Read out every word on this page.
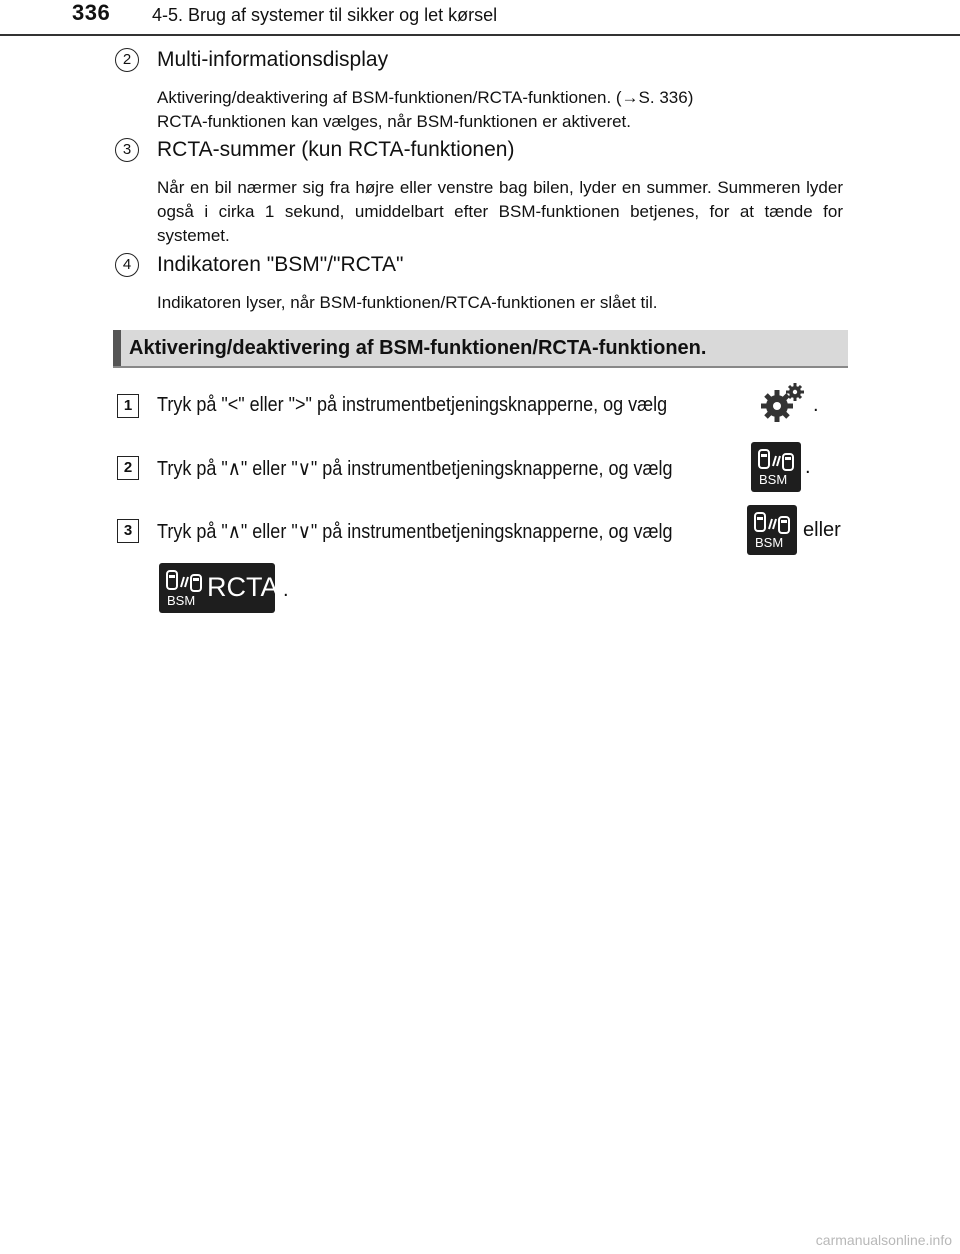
336 4-5. Brug af systemer til sikker og let kørsel
2	Multi-informationsdisplay

Aktivering/deaktivering af BSM-funktionen/RCTA-funktionen. (→S. 336)

RCTA-funktionen kan vælges, når BSM-funktionen er aktiveret.

3	RCTA-summer (kun RCTA-funktionen)

Når en bil nærmer sig fra højre eller venstre bag bilen, lyder en summer. Summeren lyder også i cirka 1 sekund, umiddelbart efter BSM-funktionen betjenes, for at tænde for systemet.

4	Indikatoren "BSM"/"RCTA"

Indikatoren lyser, når BSM-funktionen/RTCA-funktionen er slået til.

Aktivering/deaktivering af BSM-funktionen/RCTA-funktionen.
1	Tryk på "<" eller ">" på instrumentbetjeningsknapperne, og vælg	.
2	Tryk på "∧" eller "∨" på instrumentbetjeningsknapperne, og vælg	BSM
.
3	Tryk på "∧" eller "∨" på instrumentbetjeningsknapperne, og vælg	BSM
eller
BSM RCTA .
carmanualsonline.info
